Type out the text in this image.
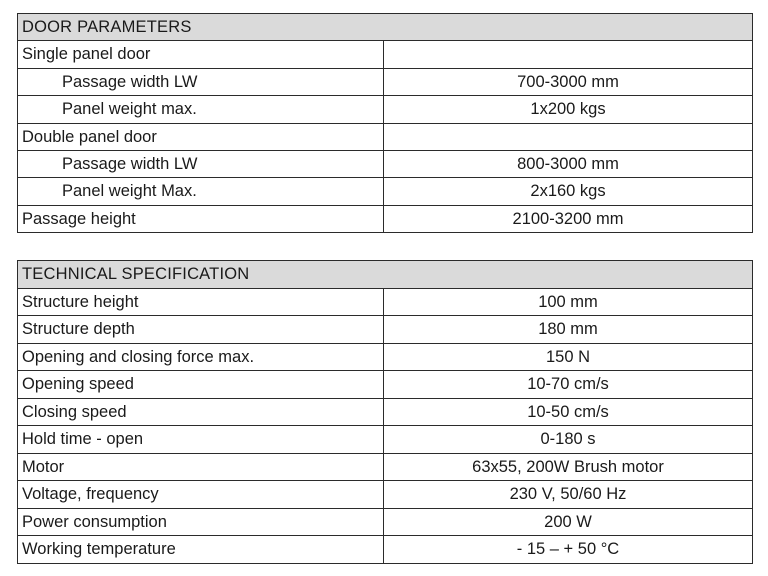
DOOR PARAMETERS	
Single panel door	
Passage width LW	700-3000 mm
Panel weight max.	1x200 kgs
Double panel door	
Passage width LW	800-3000 mm
Panel weight Max.	2x160 kgs
Passage height	2100-3200 mm
TECHNICAL SPECIFICATION	
Structure height	100 mm
Structure depth	180 mm
Opening and closing force max.	150 N
Opening speed	10-70 cm/s
Closing speed	10-50 cm/s
Hold time - open	0-180 s
Motor	63x55, 200W Brush motor
Voltage, frequency	230 V, 50/60 Hz
Power consumption	200 W
Working temperature	- 15 – + 50 °C
